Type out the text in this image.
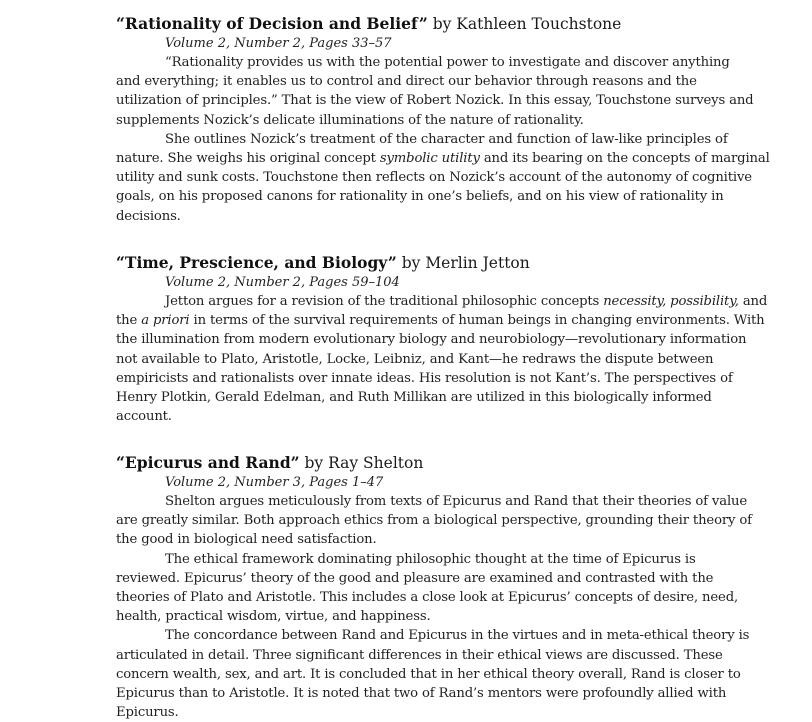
“Rationality of Decision and Belief” by Kathleen Touchstone
Volume 2, Number 2, Pages 33–57
“Rationality provides us with the potential power to investigate and discover anything
and everything; it enables us to control and direct our behavior through reasons and the
utilization of principles.” That is the view of Robert Nozick. In this essay, Touchstone surveys and
supplements Nozick’s delicate illuminations of the nature of rationality.
She outlines Nozick’s treatment of the character and function of law-like principles of
nature. She weighs his original concept symbolic utility and its bearing on the concepts of marginal
utility and sunk costs. Touchstone then reflects on Nozick’s account of the autonomy of cognitive
goals, on his proposed canons for rationality in one’s beliefs, and on his view of rationality in
decisions.
“Time, Prescience, and Biology” by Merlin Jetton
Volume 2, Number 2, Pages 59–104
Jetton argues for a revision of the traditional philosophic concepts necessity, possibility, and
the a priori in terms of the survival requirements of human beings in changing environments. With
the illumination from modern evolutionary biology and neurobiology—revolutionary information
not available to Plato, Aristotle, Locke, Leibniz, and Kant—he redraws the dispute between
empiricists and rationalists over innate ideas. His resolution is not Kant’s. The perspectives of
Henry Plotkin, Gerald Edelman, and Ruth Millikan are utilized in this biologically informed
account.
“Epicurus and Rand” by Ray Shelton
Volume 2, Number 3, Pages 1–47
Shelton argues meticulously from texts of Epicurus and Rand that their theories of value
are greatly similar. Both approach ethics from a biological perspective, grounding their theory of
the good in biological need satisfaction.
The ethical framework dominating philosophic thought at the time of Epicurus is
reviewed. Epicurus’ theory of the good and pleasure are examined and contrasted with the
theories of Plato and Aristotle. This includes a close look at Epicurus’ concepts of desire, need,
health, practical wisdom, virtue, and happiness.
The concordance between Rand and Epicurus in the virtues and in meta-ethical theory is
articulated in detail. Three significant differences in their ethical views are discussed. These
concern wealth, sex, and art. It is concluded that in her ethical theory overall, Rand is closer to
Epicurus than to Aristotle. It is noted that two of Rand’s mentors were profoundly allied with
Epicurus.
